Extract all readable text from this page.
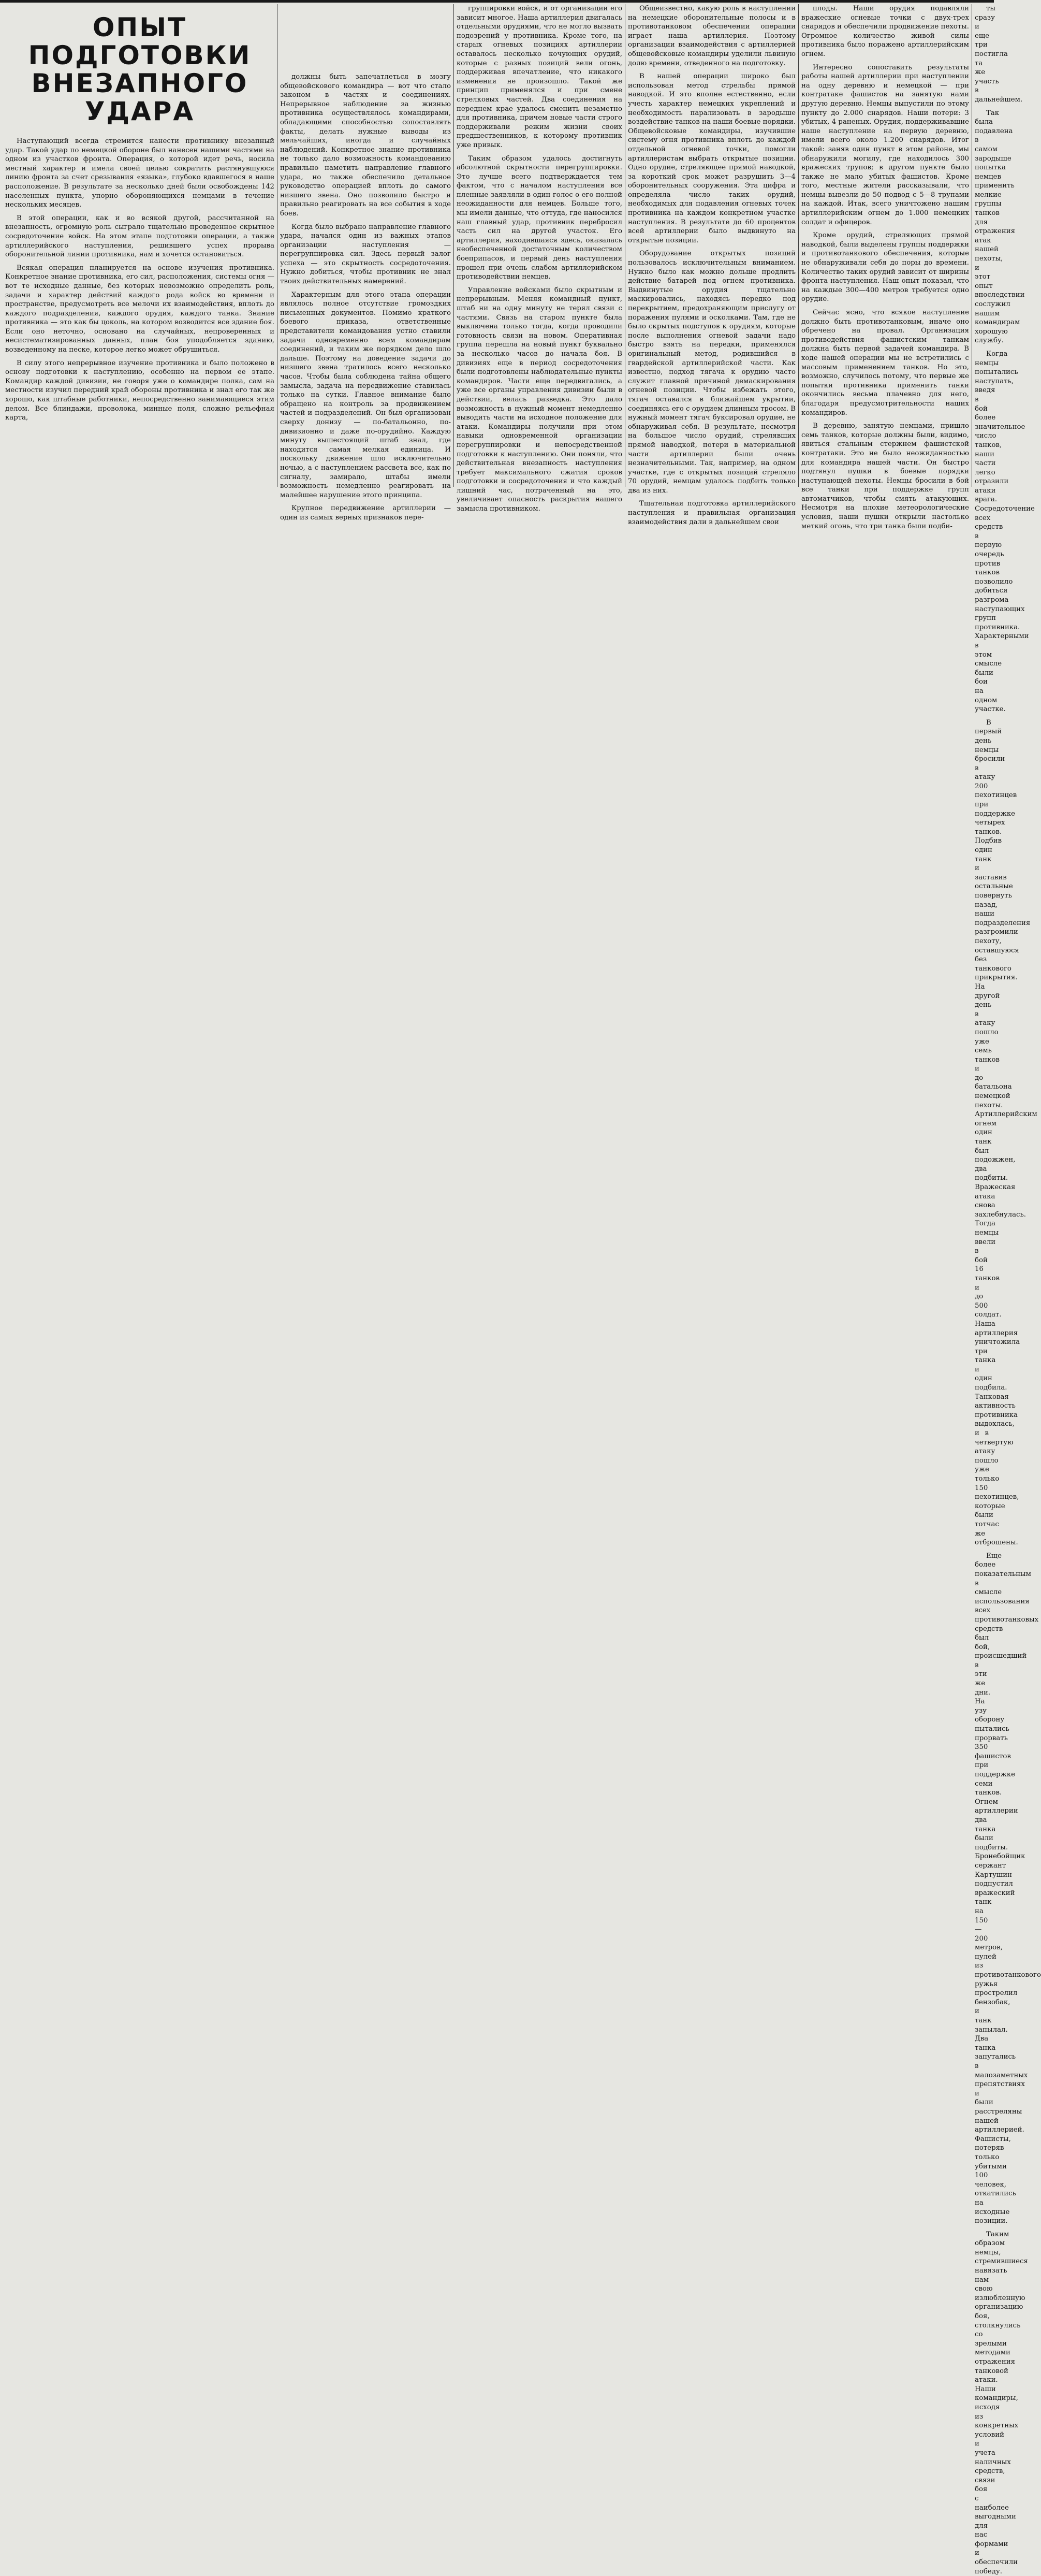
ОПЫТ ПОДГОТОВКИ
ВНЕЗАПНОГО УДАРА

Наступающий всегда стремится нанести противнику внезапный удар. Такой удар по немецкой обороне был нанесен нашими частями на одном из участков фронта. Операция, о которой идет речь, носила местный характер и имела своей целью сократить растянувшуюся линию фронта за счет срезывания «языка», глубоко вдавшегося в наше расположение. В результате за несколько дней были освобождены 142 населенных пункта, упорно обороняющихся немцами в течение нескольких месяцев.

В этой операции, как и во всякой другой, рассчитанной на внезапность, огромную роль сыграло тщательно проведенное скрытное сосредоточение войск. На этом этапе подготовки операции, а также артиллерийского наступления, решившего успех прорыва оборонительной линии противника, нам и хочется остановиться.

Всякая операция планируется на основе изучения противника. Конкретное знание противника, его сил, расположения, системы огня — вот те исходные данные, без которых невозможно определить роль, задачи и характер действий каждого рода войск во времени и пространстве, предусмотреть все мелочи их взаимодействия, вплоть до каждого подразделения, каждого орудия, каждого танка. Знание противника — это как бы цоколь, на котором возводится все здание боя. Если оно неточно, основано на случайных, непроверенных и несистематизированных данных, план боя уподобляется зданию, возведенному на песке, которое легко может обрушиться.

В силу этого непрерывное изучение противника и было положено в основу подготовки к наступлению, особенно на первом ее этапе. Командир каждой дивизии, не говоря уже о командире полка, сам на местности изучил передний край обороны противника и знал его так же хорошо, как штабные работники, непосредственно занимающиеся этим делом. Все блиндажи, проволока, минные поля, сложно рельефная карта,

должны быть запечатлеться в мозгу общевойскового командира — вот что стало законом в частях и соединениях. Непрерывное наблюдение за жизнью противника осуществлялось командирами, обладающими способностью сопоставлять факты, делать нужные выводы из мельчайших, иногда и случайных наблюдений. Конкретное знание противника не только дало возможность командованию правильно наметить направление главного удара, но также обеспечило детальное руководство операцией вплоть до самого низшего звена. Оно позволило быстро и правильно реагировать на все события в ходе боев.

Когда было выбрано направление главного удара, начался один из важных этапов организации наступления — перегруппировка сил. Здесь первый залог успеха — это скрытность сосредоточения. Нужно добиться, чтобы противник не знал твоих действительных намерений.

Характерным для этого этапа операции являлось полное отсутствие громоздких письменных документов. Помимо краткого боевого приказа, ответственные представители командования устно ставили задачи одновременно всем командирам соединений, и таким же порядком дело шло дальше. Поэтому на доведение задачи до низшего звена тратилось всего несколько часов. Чтобы была соблюдена тайна общего замысла, задача на передвижение ставилась только на сутки. Главное внимание было обращено на контроль за продвижением частей и подразделений. Он был организован сверху донизу — по-батальонно, по-дивизионно и даже по-орудийно. Каждую минуту вышестоящий штаб знал, где находится самая мелкая единица. И поскольку движение шло исключительно ночью, а с наступлением рассвета все, как по сигналу, замирало, штабы имели возможность немедленно реагировать на малейшее нарушение этого принципа.

Крупное передвижение артиллерии — один из самых верных признаков пере-

группировки войск, и от организации его зависит многое. Наша артиллерия двигалась отдельными орудиями, что не могло вызвать подозрений у противника. Кроме того, на старых огневых позициях артиллерии оставалось несколько кочующих орудий, которые с разных позиций вели огонь, поддерживая впечатление, что никакого изменения не произошло. Такой же принцип применялся и при смене стрелковых частей. Два соединения на переднем крае удалось сменить незаметно для противника, причем новые части строго поддерживали режим жизни своих предшественников, к которому противник уже привык.

Таким образом удалось достигнуть абсолютной скрытности перегруппировки. Это лучше всего подтверждается тем фактом, что с началом наступления все пленные заявляли в один голос о его полной неожиданности для немцев. Больше того, мы имели данные, что оттуда, где наносился наш главный удар, противник перебросил часть сил на другой участок. Его артиллерия, находившаяся здесь, оказалась необеспеченной достаточным количеством боеприпасов, и первый день наступления прошел при очень слабом артиллерийском противодействии немцев.

Управление войсками было скрытным и непрерывным. Меняя командный пункт, штаб ни на одну минуту не терял связи с частями. Связь на старом пункте была выключена только тогда, когда проводили готовность связи на новом. Оперативная группа перешла на новый пункт буквально за несколько часов до начала боя. В дивизиях еще в период сосредоточения были подготовлены наблюдательные пункты командиров. Части еще передвигались, а уже все органы управления дивизии были в действии, велась разведка. Это дало возможность в нужный момент немедленно выводить части на исходное положение для атаки. Командиры получили при этом навыки одновременной организации перегруппировки и непосредственной подготовки к наступлению. Они поняли, что действительная внезапность наступления требует максимального сжатия сроков подготовки и сосредоточения и что каждый лишний час, потраченный на это, увеличивает опасность раскрытия нашего замысла противником.

Общеизвестно, какую роль в наступлении на немецкие оборонительные полосы и в противотанковом обеспечении операции играет наша артиллерия. Поэтому организации взаимодействия с артиллерией общевойсковые командиры уделили львиную долю времени, отведенного на подготовку.

В нашей операции широко был использован метод стрельбы прямой наводкой. И это вполне естественно, если учесть характер немецких укреплений и необходимость парализовать в зародыше воздействие танков на наши боевые порядки. Общевойсковые командиры, изучившие систему огня противника вплоть до каждой отдельной огневой точки, помогли артиллеристам выбрать открытые позиции. Одно орудие, стреляющее прямой наводкой, за короткий срок может разрушить 3—4 оборонительных сооружения. Эта цифра и определяла число таких орудий, необходимых для подавления огневых точек противника на каждом конкретном участке наступления. В результате до 60 процентов всей артиллерии было выдвинуто на открытые позиции.

Оборудование открытых позиций пользовалось исключительным вниманием. Нужно было как можно дольше продлить действие батарей под огнем противника. Выдвинутые орудия тщательно маскировались, находясь передко под перекрытием, предохраняющим прислугу от поражения пулями и осколками. Там, где не было скрытых подступов к орудиям, которые после выполнения огневой задачи надо быстро взять на передки, применялся оригинальный метод, родившийся в гвардейской артиллерийской части. Как известно, подход тягача к орудию часто служит главной причиной демаскирования огневой позиции. Чтобы избежать этого, тягач оставался в ближайшем укрытии, соединяясь его с орудием длинным тросом. В нужный момент тягач буксировал орудие, не обнаруживая себя. В результате, несмотря на большое число орудий, стрелявших прямой наводкой, потери в материальной части артиллерии были очень незначительными. Так, например, на одном участке, где с открытых позиций стреляло 70 орудий, немцам удалось подбить только два из них.

Тщательная подготовка артиллерийского наступления и правильная организация взаимодействия дали в дальнейшем свои

плоды. Наши орудия подавляли вражеские огневые точки с двух-трех снарядов и обеспечили продвижение пехоты. Огромное количество живой силы противника было поражено артиллерийским огнем.

Интересно сопоставить результаты работы нашей артиллерии при наступлении на одну деревню и немецкой — при контратаке фашистов на занятую нами другую деревню. Немцы выпустили по этому пункту до 2.000 снарядов. Наши потери: 3 убитых, 4 раненых. Орудия, поддерживавшие наше наступление на первую деревню, имели всего около 1.200 снарядов. Итог такой: заняв один пункт в этом районе, мы обнаружили могилу, где находилось 300 вражеских трупов; в другом пункте было также не мало убитых фашистов. Кроме того, местные жители рассказывали, что немцы вывезли до 50 подвод с 5—8 трупами на каждой. Итак, всего уничтожено нашим артиллерийским огнем до 1.000 немецких солдат и офицеров.

Кроме орудий, стреляющих прямой наводкой, были выделены группы поддержки и противотанкового обеспечения, которые не обнаруживали себя до поры до времени. Количество таких орудий зависит от ширины фронта наступления. Наш опыт показал, что на каждые 300—400 метров требуется одно орудие.

Сейчас ясно, что всякое наступление должно быть противотанковым, иначе оно обречено на провал. Организация противодействия фашистским танкам должна быть первой задачей командира. В ходе нашей операции мы не встретились с массовым применением танков. Но это, возможно, случилось потому, что первые же попытки противника применить танки окончились весьма плачевно для него, благодаря предусмотрительности наших командиров.

В деревню, занятую немцами, пришло семь танков, которые должны были, видимо, явиться стальным стержнем фашистской контратаки. Это не было неожиданностью для командира нашей части. Он быстро подтянул пушки в боевые порядки наступающей пехоты. Немцы бросили в бой все танки при поддержке групп автоматчиков, чтобы смять атакующих. Несмотря на плохие метеорологические условия, наши пушки открыли настолько меткий огонь, что три танка были подби-

ты сразу и еще три постигла та же участь в дальнейшем.

Так была подавлена в самом зародыше попытка немцев применить мелкие группы танков для отражения атак нашей пехоты, и этот опыт впоследствии сослужил нашим командирам хорошую службу.

Когда немцы попытались наступать, введя в бой более значительное число танков, наши части легко отразили атаки врага. Сосредоточение всех средств в первую очередь против танков позволило добиться разгрома наступающих групп противника. Характерными в этом смысле были бои на одном участке.

В первый день немцы бросили в атаку 200 пехотинцев при поддержке четырех танков. Подбив один танк и заставив остальные повернуть назад, наши подразделения разгромили пехоту, оставшуюся без танкового прикрытия. На другой день в атаку пошло уже семь танков и до батальона немецкой пехоты. Артиллерийским огнем один танк был подожжен, два подбиты. Вражеская атака снова захлебнулась. Тогда немцы ввели в бой 16 танков и до 500 солдат. Наша артиллерия уничтожила три танка и один подбила. Танковая активность противника выдохлась, и в четвертую атаку пошло уже только 150 пехотинцев, которые были тотчас же отброшены.

Еще более показательным в смысле использования всех противотанковых средств был бой, происшедший в эти же дни. На узу оборону пытались прорвать 350 фашистов при поддержке семи танков. Огнем артиллерии два танка были подбиты. Бронебойщик сержант Картушин подпустил вражеский танк на 150—200 метров, пулей из противотанкового ружья прострелил бензобак, и танк запылал. Два танка запутались в малозаметных препятствиях и были расстреляны нашей артиллерией. Фашисты, потеряв только убитыми 100 человек, откатились на исходные позиции.

Таким образом немцы, стремившиеся навязать нам свою излюбленную организацию боя, столкнулись со зрелыми методами отражения танковой атаки. Наши командиры, исходя из конкретных условий и учета наличных средств, связи боя с наиболее выгодными для нас формами и обеспечили победу.
